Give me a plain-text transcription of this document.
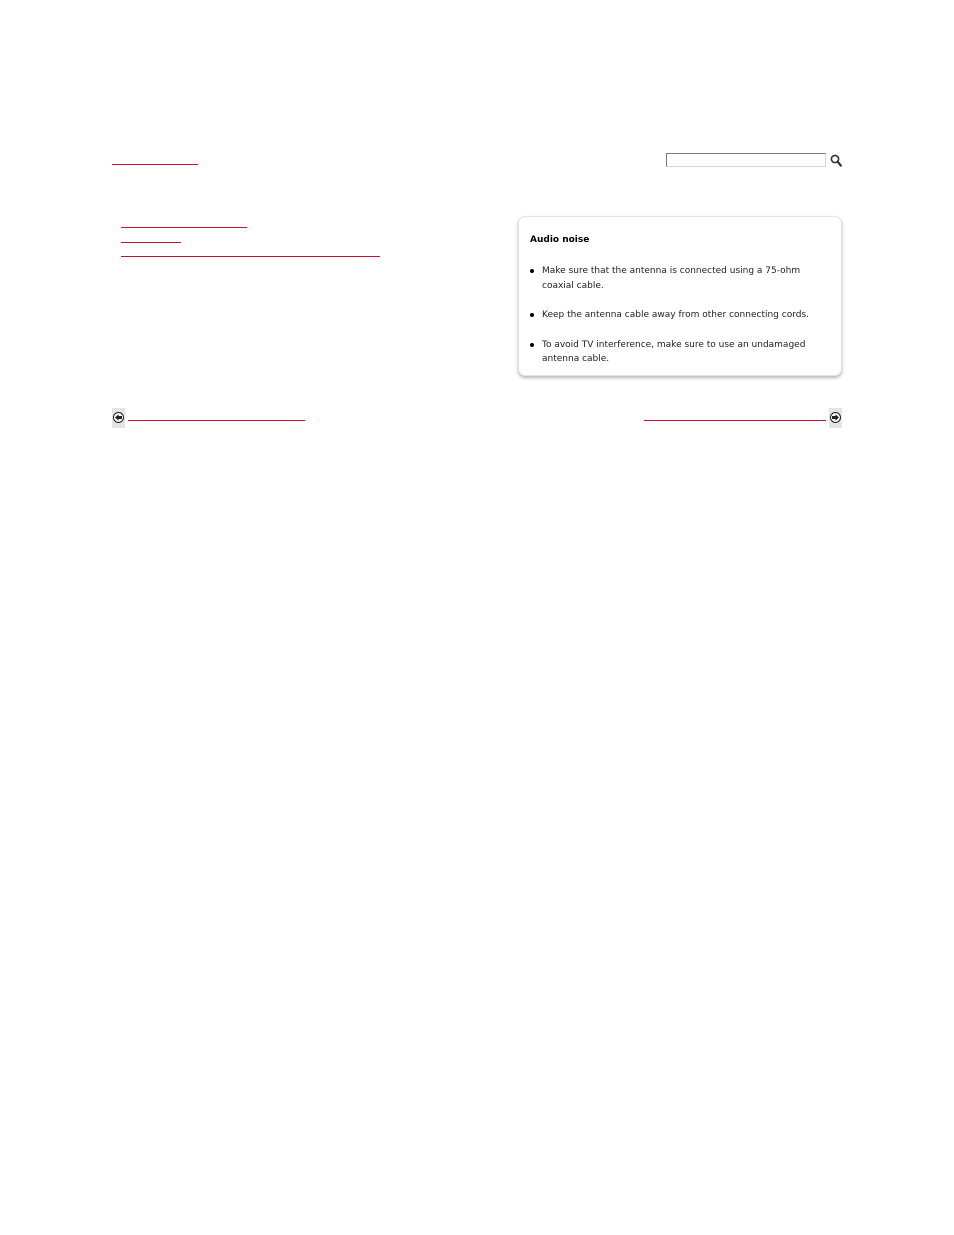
Audio noise
Make sure that the antenna is connected using a 75-ohm coaxial cable.
Keep the antenna cable away from other connecting cords.
To avoid TV interference, make sure to use an undamaged antenna cable.
